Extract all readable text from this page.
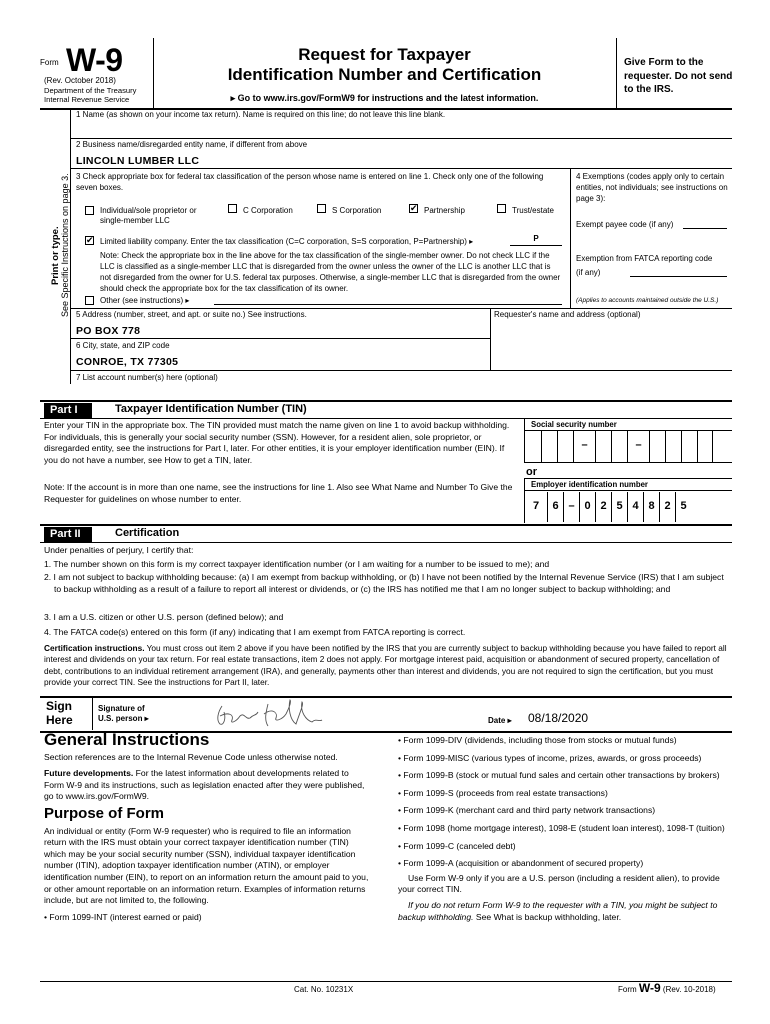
Form W-9
(Rev. October 2018)
Department of the Treasury
Internal Revenue Service
Request for Taxpayer
Identification Number and Certification
▸ Go to www.irs.gov/FormW9 for instructions and the latest information.
Give Form to the requester. Do not send to the IRS.
Print or type. See Specific Instructions on page 3.
1 Name (as shown on your income tax return). Name is required on this line; do not leave this line blank.
2 Business name/disregarded entity name, if different from above
LINCOLN LUMBER LLC
3 Check appropriate box for federal tax classification of the person whose name is entered on line 1. Check only one of the following seven boxes.
Individual/sole proprietor or single-member LLC
C Corporation	S Corporation	✔ Partnership	Trust/estate
✔ Limited liability company. Enter the tax classification (C=C corporation, S=S corporation, P=Partnership) ▸	P
Note: Check the appropriate box in the line above for the tax classification of the single-member owner. Do not check LLC if the LLC is classified as a single-member LLC that is disregarded from the owner unless the owner of the LLC is another LLC that is not disregarded from the owner for U.S. federal tax purposes. Otherwise, a single-member LLC that is disregarded from the owner should check the appropriate box for the tax classification of its owner.
Other (see instructions) ▸
4 Exemptions (codes apply only to certain entities, not individuals; see instructions on page 3):
Exempt payee code (if any)
Exemption from FATCA reporting code (if any)
(Applies to accounts maintained outside the U.S.)
5 Address (number, street, and apt. or suite no.) See instructions.
PO BOX 778
Requester's name and address (optional)
6 City, state, and ZIP code
CONROE, TX 77305
7 List account number(s) here (optional)
Part I	Taxpayer Identification Number (TIN)
Enter your TIN in the appropriate box. The TIN provided must match the name given on line 1 to avoid backup withholding. For individuals, this is generally your social security number (SSN). However, for a resident alien, sole proprietor, or disregarded entity, see the instructions for Part I, later. For other entities, it is your employer identification number (EIN). If you do not have a number, see How to get a TIN, later.
Note: If the account is in more than one name, see the instructions for line 1. Also see What Name and Number To Give the Requester for guidelines on whose number to enter.
Social security number
–	–
or
Employer identification number
7	6 – 0 2 5 4 8 2 5
Part II	Certification
Under penalties of perjury, I certify that:
1. The number shown on this form is my correct taxpayer identification number (or I am waiting for a number to be issued to me); and
2. I am not subject to backup withholding because: (a) I am exempt from backup withholding, or (b) I have not been notified by the Internal Revenue Service (IRS) that I am subject to backup withholding as a result of a failure to report all interest or dividends, or (c) the IRS has notified me that I am no longer subject to backup withholding; and
3. I am a U.S. citizen or other U.S. person (defined below); and
4. The FATCA code(s) entered on this form (if any) indicating that I am exempt from FATCA reporting is correct.
Certification instructions. You must cross out item 2 above if you have been notified by the IRS that you are currently subject to backup withholding because you have failed to report all interest and dividends on your tax return. For real estate transactions, item 2 does not apply. For mortgage interest paid, acquisition or abandonment of secured property, cancellation of debt, contributions to an individual retirement arrangement (IRA), and generally, payments other than interest and dividends, you are not required to sign the certification, but you must provide your correct TIN. See the instructions for Part II, later.
Sign
Here
Signature of
U.S. person ▸	Date ▸ 08/18/2020
General Instructions

Section references are to the Internal Revenue Code unless otherwise noted.

Future developments. For the latest information about developments related to Form W-9 and its instructions, such as legislation enacted after they were published, go to www.irs.gov/FormW9.

Purpose of Form

An individual or entity (Form W-9 requester) who is required to file an information return with the IRS must obtain your correct taxpayer identification number (TIN) which may be your social security number (SSN), individual taxpayer identification number (ITIN), adoption taxpayer identification number (ATIN), or employer identification number (EIN), to report on an information return the amount paid to you, or other amount reportable on an information return. Examples of information returns include, but are not limited to, the following.

• Form 1099-INT (interest earned or paid)

• Form 1099-DIV (dividends, including those from stocks or mutual funds)
• Form 1099-MISC (various types of income, prizes, awards, or gross proceeds)
• Form 1099-B (stock or mutual fund sales and certain other transactions by brokers)
• Form 1099-S (proceeds from real estate transactions)
• Form 1099-K (merchant card and third party network transactions)
• Form 1098 (home mortgage interest), 1098-E (student loan interest), 1098-T (tuition)
• Form 1099-C (canceled debt)
• Form 1099-A (acquisition or abandonment of secured property)
Use Form W-9 only if you are a U.S. person (including a resident alien), to provide your correct TIN.
If you do not return Form W-9 to the requester with a TIN, you might be subject to backup withholding. See What is backup withholding, later.
Cat. No. 10231X	Form W-9 (Rev. 10-2018)
